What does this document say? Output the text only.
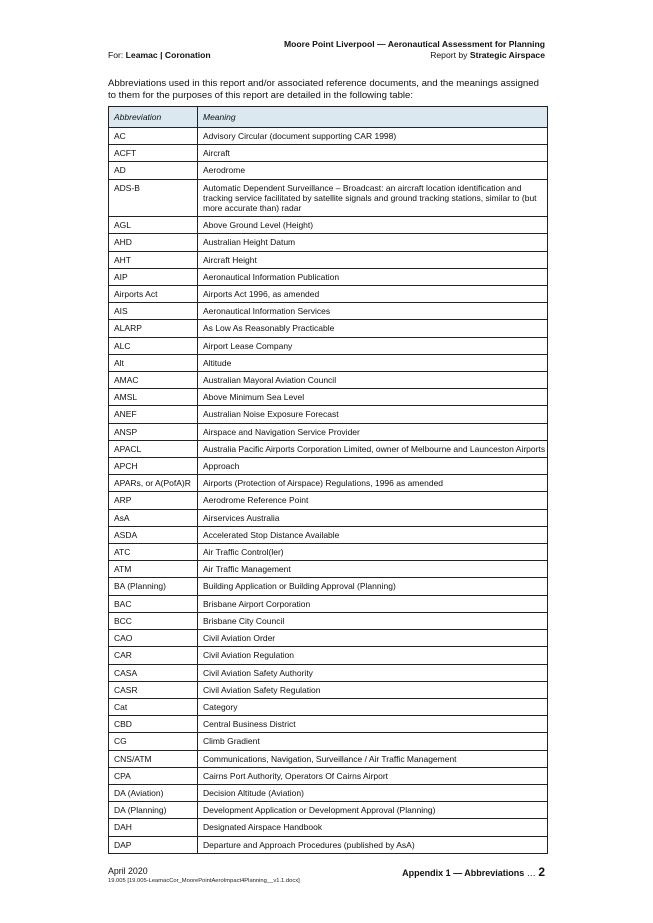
Moore Point Liverpool — Aeronautical Assessment for Planning
Report by Strategic Airspace
For: Leamac | Coronation
Abbreviations used in this report and/or associated reference documents, and the meanings assigned to them for the purposes of this report are detailed in the following table:
Abbreviation	Meaning
AC	Advisory Circular (document supporting CAR 1998)
ACFT	Aircraft
AD	Aerodrome
ADS-B	Automatic Dependent Surveillance – Broadcast: an aircraft location identification and tracking service facilitated by satellite signals and ground tracking stations, similar to (but more accurate than) radar
AGL	Above Ground Level (Height)
AHD	Australian Height Datum
AHT	Aircraft Height
AIP	Aeronautical Information Publication
Airports Act	Airports Act 1996, as amended
AIS	Aeronautical Information Services
ALARP	As Low As Reasonably Practicable
ALC	Airport Lease Company
Alt	Altitude
AMAC	Australian Mayoral Aviation Council
AMSL	Above Minimum Sea Level
ANEF	Australian Noise Exposure Forecast
ANSP	Airspace and Navigation Service Provider
APACL	Australia Pacific Airports Corporation Limited, owner of Melbourne and Launceston Airports
APCH	Approach
APARs, or A(PofA)R	Airports (Protection of Airspace) Regulations, 1996 as amended
ARP	Aerodrome Reference Point
AsA	Airservices Australia
ASDA	Accelerated Stop Distance Available
ATC	Air Traffic Control(ler)
ATM	Air Traffic Management
BA (Planning)	Building Application or Building Approval (Planning)
BAC	Brisbane Airport Corporation
BCC	Brisbane City Council
CAO	Civil Aviation Order
CAR	Civil Aviation Regulation
CASA	Civil Aviation Safety Authority
CASR	Civil Aviation Safety Regulation
Cat	Category
CBD	Central Business District
CG	Climb Gradient
CNS/ATM	Communications, Navigation, Surveillance / Air Traffic Management
CPA	Cairns Port Authority, Operators Of Cairns Airport
DA (Aviation)	Decision Altitude (Aviation)
DA (Planning)	Development Application or Development Approval (Planning)
DAH	Designated Airspace Handbook
DAP	Departure and Approach Procedures (published by AsA)
April 2020
19.005 [19.005-LeamacCor_MoorePointAeroImpact4Planning__v1.1.docx]
Appendix 1 — Abbreviations … 2
